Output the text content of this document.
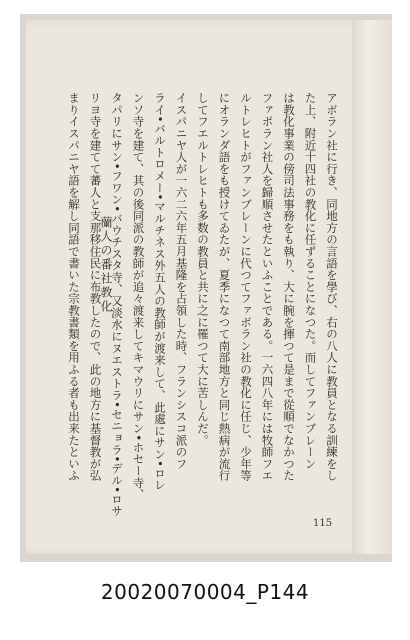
アボラン社に行き、同地方の言語を學び、右の八人に教員となる訓練をし

た上、附近十四社の教化に任ずることになつた。而してファンブレーン

は教化事業の傍司法事務をも執り、大に腕を揮つて是まで從順でなかつた

ファボラン社人を歸順させたといふことである。一六四八年には牧師フエ

ルトレヒトがファンブレーンに代つてファボラン社の教化に任じ、少年等

にオランダ語をも授けてゐたが、夏季になつて南部地方と同じ熱病が流行

してフエルトレヒトも多数の教員と共に之に罹つて大に苦しんだ。

イスパニヤ人が一六二六年五月基隆を占領した時、フランシスコ派のフ

ライ•バルトロメー•マルチネス外五人の教師が渡来して、此處にサン•ロレ

ンソ寺を建て、其の後同派の教師が追々渡来してキマウリにサン•ホセー寺、

タパリにサン•フワン•バウチスタ寺、又淡水にヌエストラ•セニョラ•デル•ロサ

リヨ寺を建てて蕃人と支那移住民に布教したので、此の地方に基督教が弘

まりイスパニヤ語を解し同語で書いた宗教書類を用ふる者も出来たといふ 蘭人の番社教化
115
20020070004_P144
